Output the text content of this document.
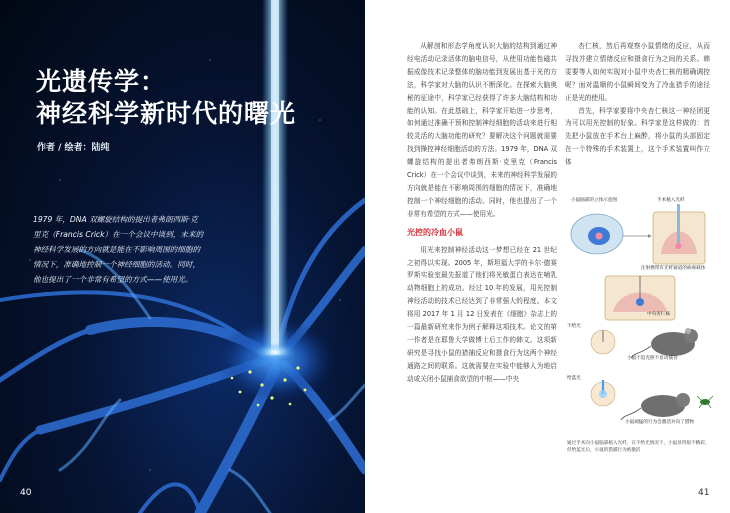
光遗传学：
神经科学新时代的曙光
作者 / 绘者：陆纯
1979 年，DNA 双螺旋结构的提出者弗朗西斯·克里克（Francis Crick）在一个会议中谈到，未来的神经科学发展的方向就是能在不影响周围的细胞的情况下，准确地控制一个神经细胞的活动。同时，他也提出了一个非常有希望的方式——使用光。
40

从解剖和形态学角度认识大脑的结构到通过神经电活动记录活体的脑电信号，从使用功能性磁共振成像技术记录整体的脑功能到发展出基于光的方法，科学家对大脑的认识不断深化。在探索大脑奥秘的征途中，科学家已经获得了许多大脑结构和功能的认知。在此基础上，科学家开始进一步思考，如何通过准确干预和控制神经细胞的活动来进行相较灵活的大脑功能的研究？要解决这个问题就需要找到操控神经细胞活动的方法。1979 年，DNA 双螺旋结构的提出者弗朗西斯·克里克（Francis Crick）在一个会议中谈到，未来的神经科学发展的方向就是能在不影响周围的细胞的情况下，准确地控制一个神经细胞的活动。同时，他也提出了一个非常有希望的方式——使用光。

光控的冷血小鼠

用光来控制神经活动这一梦想已经在 21 世纪之初得以实现。2005 年，斯坦福大学的卡尔·德赛罗斯实验室最先报道了他们将光敏蛋白表达在哺乳动物细胞上的成功。经过 10 年的发展，用光控制神经活动的技术已经达到了非常强大的程度。本文将用 2017 年 1 月 12 日发表在《细胞》杂志上的一篇最新研究来作为例子解释这项技术。论文的第一作者是在耶鲁大学做博士后工作的韩文。这项新研究是寻找小鼠的猎捕反应和摄食行为这两个神经通路之间的联系。这就需要在实验中能够人为地启动或关闭小鼠捕食欲望的中枢——中央

杏仁核，然后再观察小鼠情绪的反应，从而寻找并建立情绪反应和摄食行为之间的关系。韩雯要等人如何实现对小鼠中央杏仁核的精确调控呢？面对温顺的小鼠瞬间变为了冷血猎手的途径正是光的使用。

首先，科学家要将中央杏仁核这一神经团更为可以用光控制的好象。科学家是这样做的：首先把小鼠放在手术台上麻醉，将小鼠的头部固定在一个特殊的手术装置上，这个手术装置叫作立体

小鼠脑部的立体示意图	手术植入光纤
注射携带有光纤通道的病毒载体
中央杏仁核
不给光
给蓝光
小鼠不追光照不显动捕食
小鼠顽猛的行为会激活并向了猎物
通过手术向小鼠脑部植入光纤，在不给光情况下，小鼠显得很不精彩，但给蓝光后，小鼠的猎捕行为被激活
41
